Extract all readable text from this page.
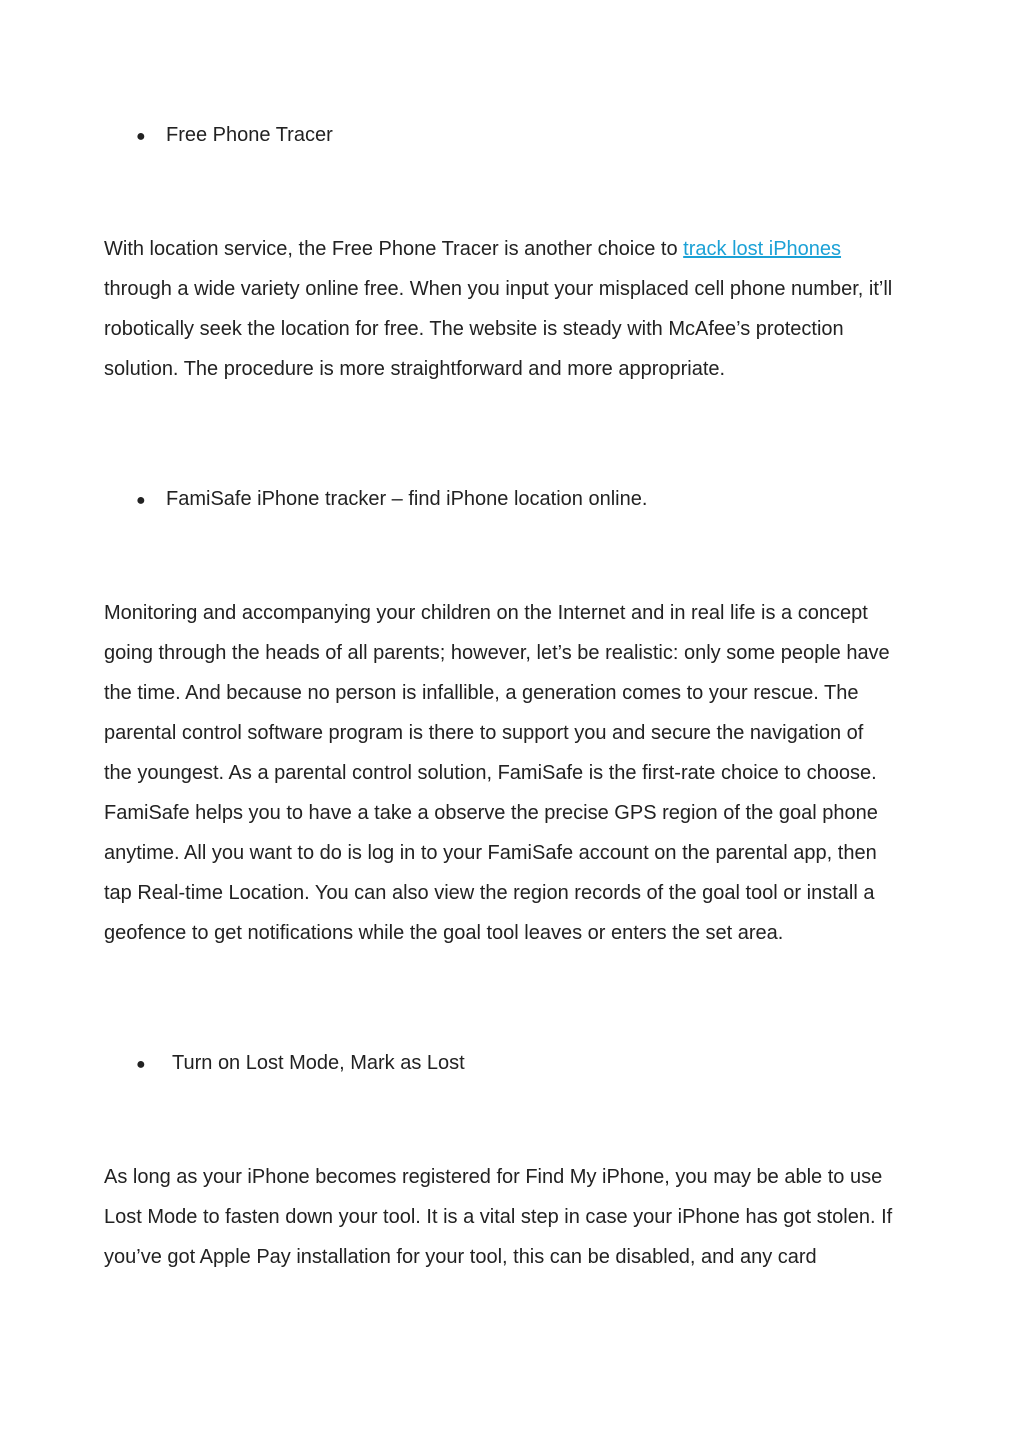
● Free Phone Tracer
With location service, the Free Phone Tracer is another choice to track lost iPhones
through a wide variety online free. When you input your misplaced cell phone number, it’ll
robotically seek the location for free. The website is steady with McAfee’s protection
solution. The procedure is more straightforward and more appropriate.
● FamiSafe iPhone tracker – find iPhone location online.
Monitoring and accompanying your children on the Internet and in real life is a concept
going through the heads of all parents; however, let’s be realistic: only some people have
the time. And because no person is infallible, a generation comes to your rescue. The
parental control software program is there to support you and secure the navigation of
the youngest. As a parental control solution, FamiSafe is the first-rate choice to choose.
FamiSafe helps you to have a take a observe the precise GPS region of the goal phone
anytime. All you want to do is log in to your FamiSafe account on the parental app, then
tap Real-time Location. You can also view the region records of the goal tool or install a
geofence to get notifications while the goal tool leaves or enters the set area.
● Turn on Lost Mode, Mark as Lost
As long as your iPhone becomes registered for Find My iPhone, you may be able to use
Lost Mode to fasten down your tool. It is a vital step in case your iPhone has got stolen. If
you’ve got Apple Pay installation for your tool, this can be disabled, and any card
